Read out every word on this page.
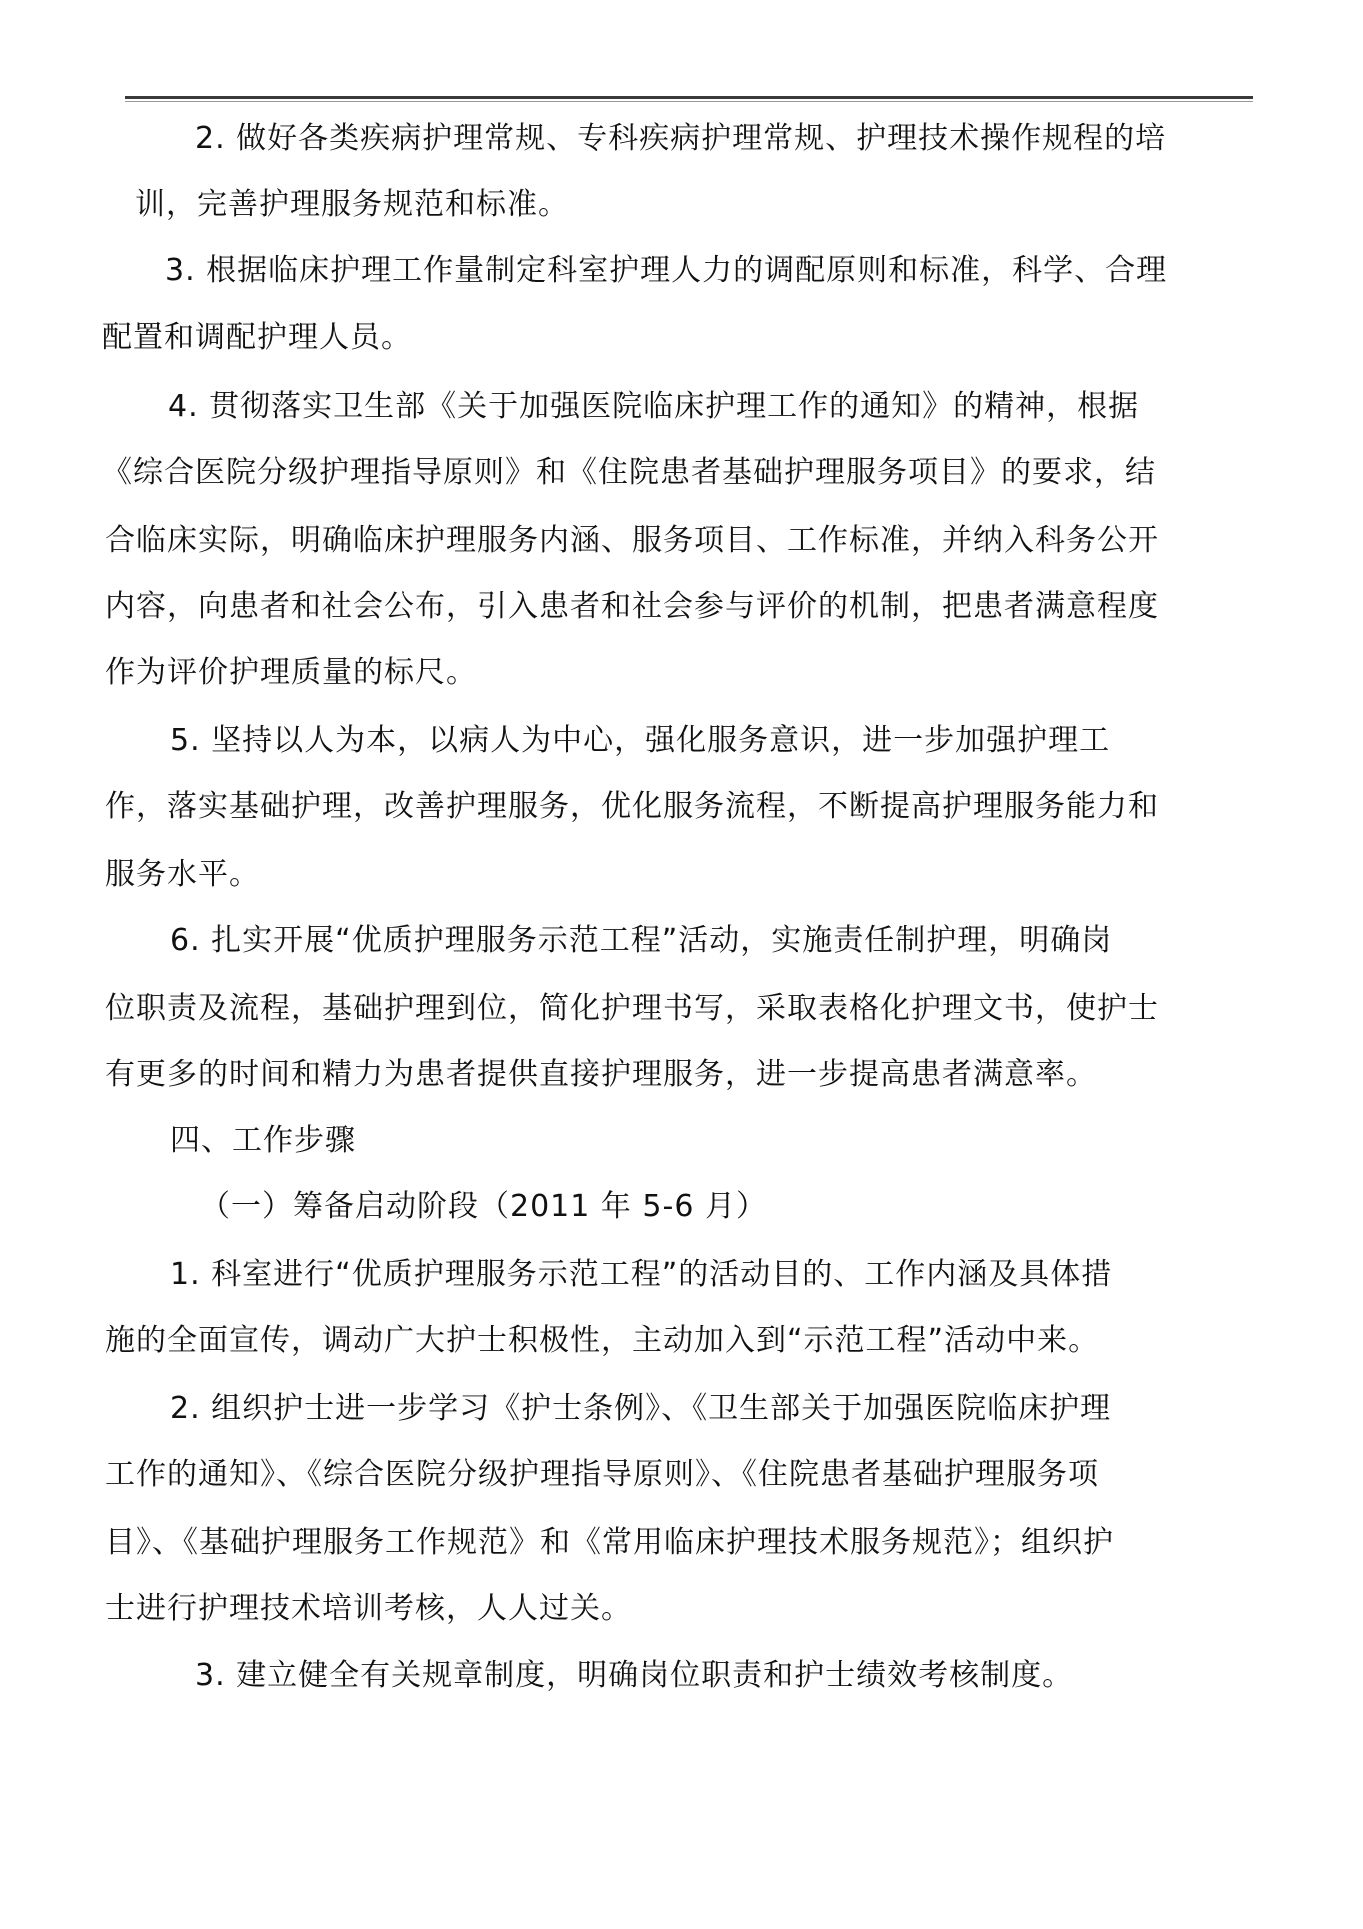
2. 做好各类疾病护理常规、专科疾病护理常规、护理技术操作规程的培
训，完善护理服务规范和标准。
3. 根据临床护理工作量制定科室护理人力的调配原则和标准，科学、合理
配置和调配护理人员。
4. 贯彻落实卫生部《关于加强医院临床护理工作的通知》的精神，根据
《综合医院分级护理指导原则》和《住院患者基础护理服务项目》的要求，结
合临床实际，明确临床护理服务内涵、服务项目、工作标准，并纳入科务公开
内容，向患者和社会公布，引入患者和社会参与评价的机制，把患者满意程度
作为评价护理质量的标尺。
5. 坚持以人为本，以病人为中心，强化服务意识，进一步加强护理工
作，落实基础护理，改善护理服务，优化服务流程，不断提高护理服务能力和
服务水平。
6. 扎实开展“优质护理服务示范工程”活动，实施责任制护理，明确岗
位职责及流程，基础护理到位，简化护理书写，采取表格化护理文书，使护士
有更多的时间和精力为患者提供直接护理服务，进一步提高患者满意率。
四、工作步骤
（一）筹备启动阶段（2011 年 5-6 月）
1. 科室进行“优质护理服务示范工程”的活动目的、工作内涵及具体措
施的全面宣传，调动广大护士积极性，主动加入到“示范工程”活动中来。
2. 组织护士进一步学习《护士条例》、《卫生部关于加强医院临床护理
工作的通知》、《综合医院分级护理指导原则》、《住院患者基础护理服务项
目》、《基础护理服务工作规范》和《常用临床护理技术服务规范》；组织护
士进行护理技术培训考核，人人过关。
3. 建立健全有关规章制度，明确岗位职责和护士绩效考核制度。
